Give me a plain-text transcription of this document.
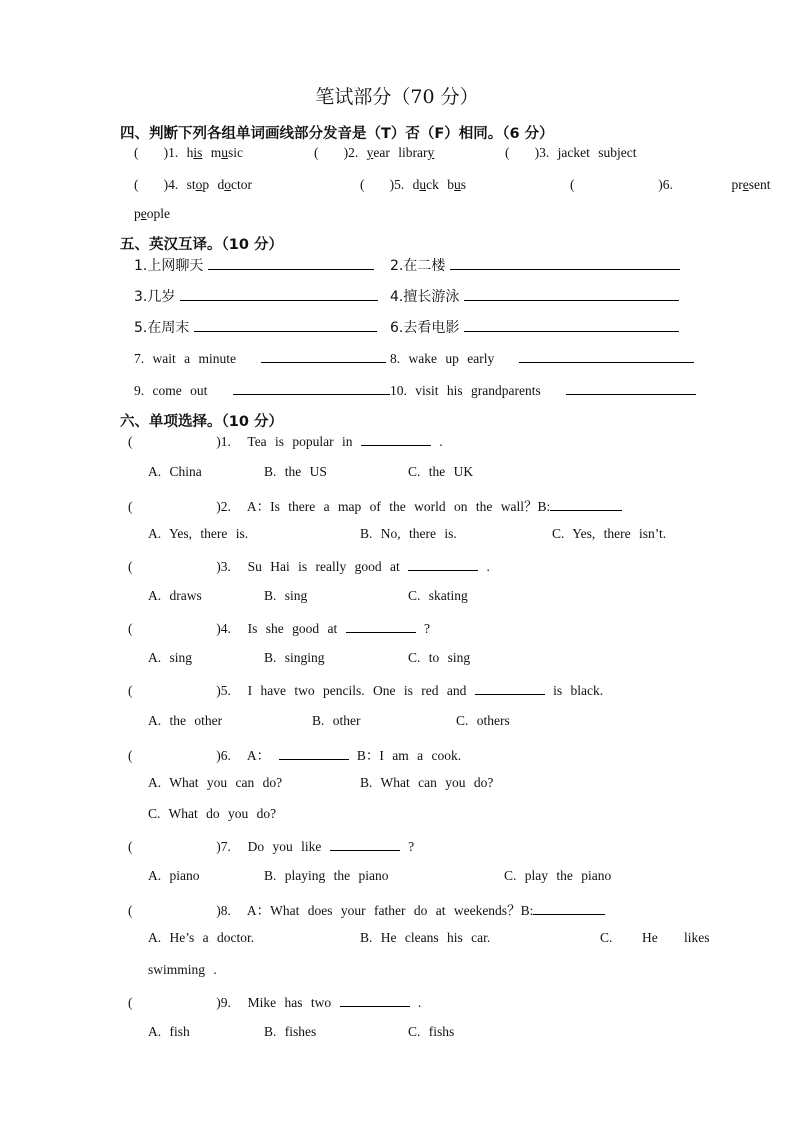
笔试部分（70 分）
四、判断下列各组单词画线部分发音是（T）否（F）相同。（6 分）
( )1. his music	( )2. year library	( )3. jacket subject
( )4. stop doctor	( )5. duck bus	(	)6.	present
people
五、英汉互译。（10 分）
1.上网聊天	2.在二楼
3.几岁	4.擅长游泳
5.在周末	6.去看电影
7. wait a minute	8. wake up early
9. come out	10. visit his grandparents
六、单项选择。（10 分）
(	)1. Tea is popular in	.
A. China	B. the US	C. the UK
(	)2. A：Is there a map of the world on the wall？B:
A. Yes, there is.	B. No, there is.	C. Yes, there isn’t.
(	)3. Su Hai is really good at	.
A. draws	B. sing	C. skating
(	)4. Is she good at	?
A. sing	B. singing	C. to sing
(	)5. I have two pencils. One is red and	is black.
A. the other	B. other	C. others
(	)6. A：	B：I am a cook.
A. What you can do?	B. What can you do?
C. What do you do?
(	)7. Do you like	?
A. piano	B. playing the piano	C. play the piano
(	)8. A：What does your father do at weekends？B:
A. He’s a doctor.	B. He cleans his car.	C. He likes
swimming .
(	)9. Mike has two	.
A. fish	B. fishes	C. fishs
